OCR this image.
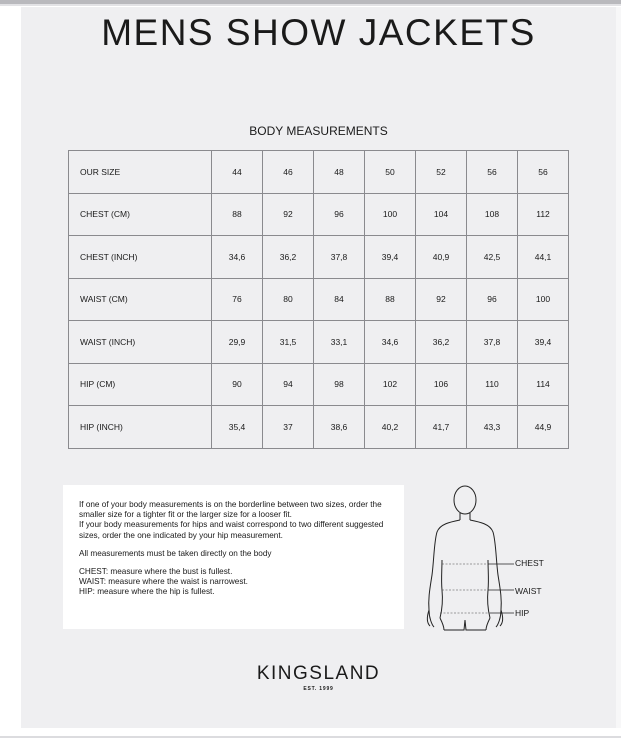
MENS SHOW JACKETS
BODY MEASUREMENTS
OUR SIZE	44	46	48	50	52	56	56
CHEST (CM)	88	92	96	100	104	108	112
CHEST (INCH)	34,6	36,2	37,8	39,4	40,9	42,5	44,1
WAIST (CM)	76	80	84	88	92	96	100
WAIST (INCH)	29,9	31,5	33,1	34,6	36,2	37,8	39,4
HIP (CM)	90	94	98	102	106	110	114
HIP (INCH)	35,4	37	38,6	40,2	41,7	43,3	44,9

If one of your body measurements is on the borderline between two sizes, order the

smaller size for a tighter fit or the larger size for a looser fit.

If your body measurements for hips and waist correspond to two different suggested

sizes, order the one indicated by your hip measurement.

All measurements must be taken directly on the body

CHEST: measure where the bust is fullest.

WAIST: measure where the waist is narrowest.

HIP: measure where the hip is fullest.

CHEST
WAIST
HIP
KINGSLAND
EST. 1999
